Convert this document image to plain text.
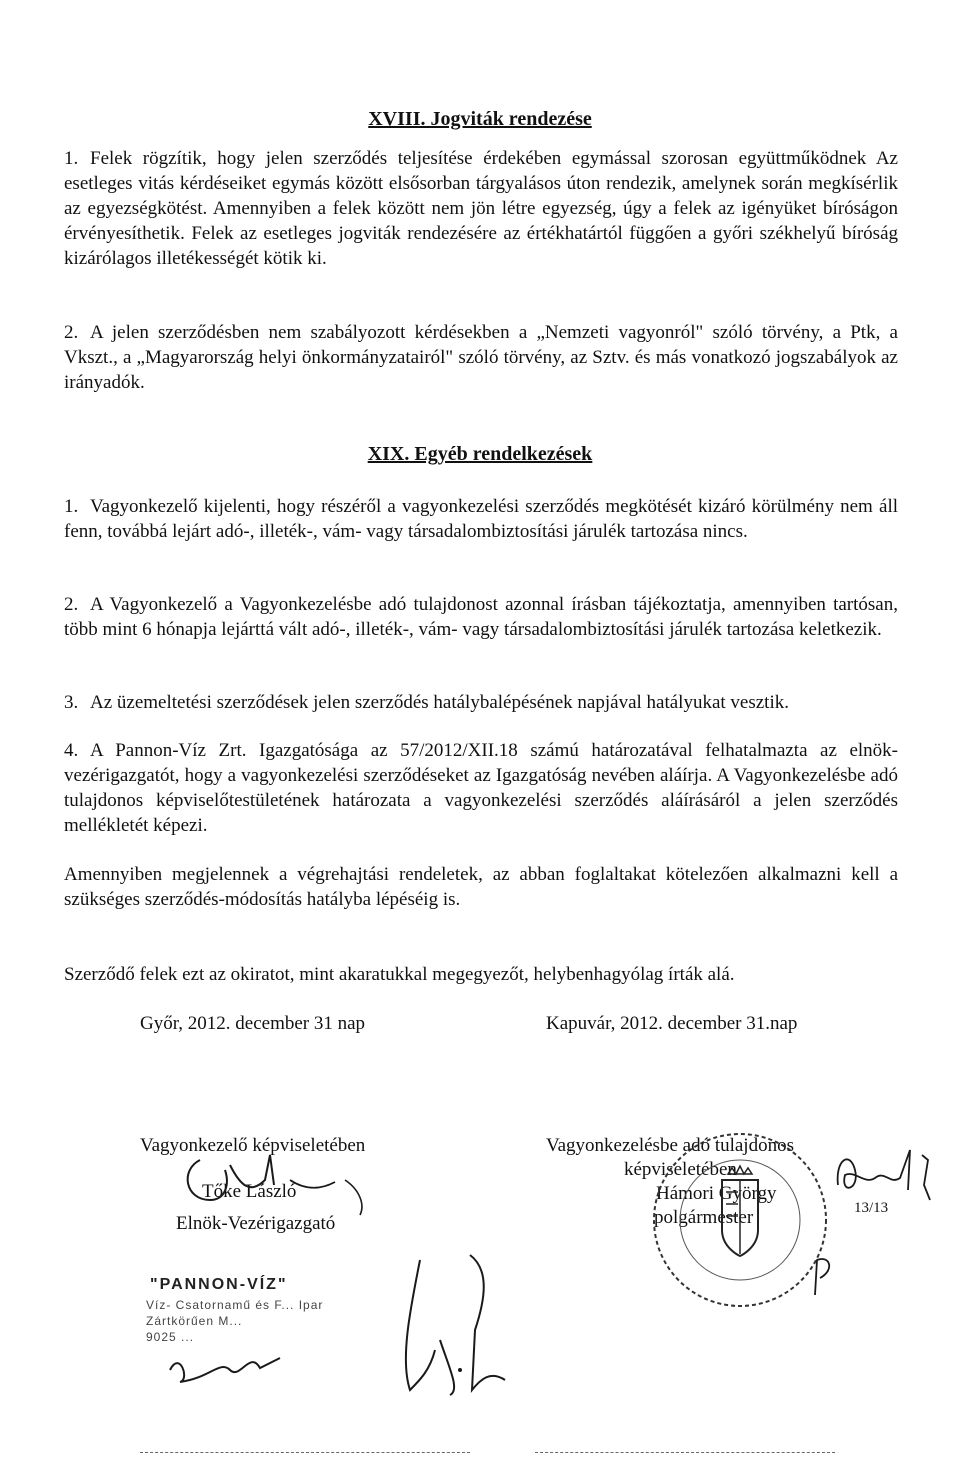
XVIII. Jogviták rendezése

1. Felek rögzítik, hogy jelen szerződés teljesítése érdekében egymással szorosan együttműködnek Az esetleges vitás kérdéseiket egymás között elsősorban tárgyalásos úton rendezik, amelynek során megkísérlik az egyezségkötést. Amennyiben a felek között nem jön létre egyezség, úgy a felek az igényüket bíróságon érvényesíthetik. Felek az esetleges jogviták rendezésére az értékhatártól függően a győri székhelyű bíróság kizárólagos illetékességét kötik ki.

2. A jelen szerződésben nem szabályozott kérdésekben a „Nemzeti vagyonról" szóló törvény, a Ptk, a Vkszt., a „Magyarország helyi önkormányzatairól" szóló törvény, az Sztv. és más vonatkozó jogszabályok az irányadók.

XIX. Egyéb rendelkezések

1. Vagyonkezelő kijelenti, hogy részéről a vagyonkezelési szerződés megkötését kizáró körülmény nem áll fenn, továbbá lejárt adó-, illeték-, vám- vagy társadalombiztosítási járulék tartozása nincs.

2. A Vagyonkezelő a Vagyonkezelésbe adó tulajdonost azonnal írásban tájékoztatja, amennyiben tartósan, több mint 6 hónapja lejárttá vált adó-, illeték-, vám- vagy társadalombiztosítási járulék tartozása keletkezik.

3. Az üzemeltetési szerződések jelen szerződés hatálybalépésének napjával hatályukat vesztik.

4. A Pannon-Víz Zrt. Igazgatósága az 57/2012/XII.18 számú határozatával felhatalmazta az elnök-vezérigazgatót, hogy a vagyonkezelési szerződéseket az Igazgatóság nevében aláírja. A Vagyonkezelésbe adó tulajdonos képviselőtestületének határozata a vagyonkezelési szerződés aláírásáról a jelen szerződés mellékletét képezi.

Amennyiben megjelennek a végrehajtási rendeletek, az abban foglaltakat kötelezően alkalmazni kell a szükséges szerződés-módosítás hatályba lépéséig is.

Szerződő felek ezt az okiratot, mint akaratukkal megegyezőt, helybenhagyólag írták alá.

Győr, 2012. december 31 nap	Kapuvár, 2012. december 31.nap
Vagyonkezelő képviseletében
Tőke László
Elnök-Vezérigazgató
"PANNON-VÍZ"
Víz- Csatornamű és F... Ipar
Zártkörűen M...
9025 ...
Vagyonkezelésbe adó tulajdonos
képviseletében
Hámori György
polgármester	13/13
